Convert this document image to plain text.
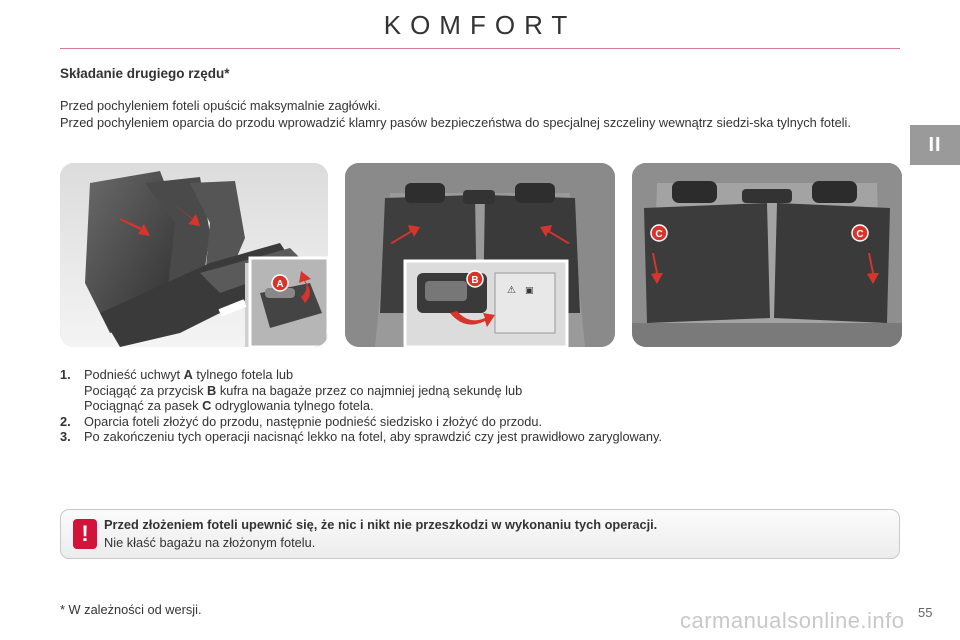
KOMFORT
II
Składanie drugiego rzędu*

Przed pochyleniem foteli opuścić maksymalnie zagłówki.

Przed pochyleniem oparcia do przodu wprowadzić klamry pasów bezpieczeństwa do specjalnej szczeliny wewnątrz siedzi-ska tylnych foteli.

A
⚠ ▣
B
C	C
1. Podnieść uchwyt A tylnego fotela lub
Pociągąć za przycisk B kufra na bagaże przez co najmniej jedną sekundę lub
Pociągnąć za pasek C odryglowania tylnego fotela.
2. Oparcia foteli złożyć do przodu, następnie podnieść siedzisko i złożyć do przodu.
3. Po zakończeniu tych operacji nacisnąć lekko na fotel, aby sprawdzić czy jest prawidłowo zaryglowany.
!	Przed złożeniem foteli upewnić się, że nic i nikt nie przeszkodzi w wykonaniu tych operacji.
Nie kłaść bagażu na złożonym fotelu.
* W zależności od wersji.	carmanualsonline.info 55
